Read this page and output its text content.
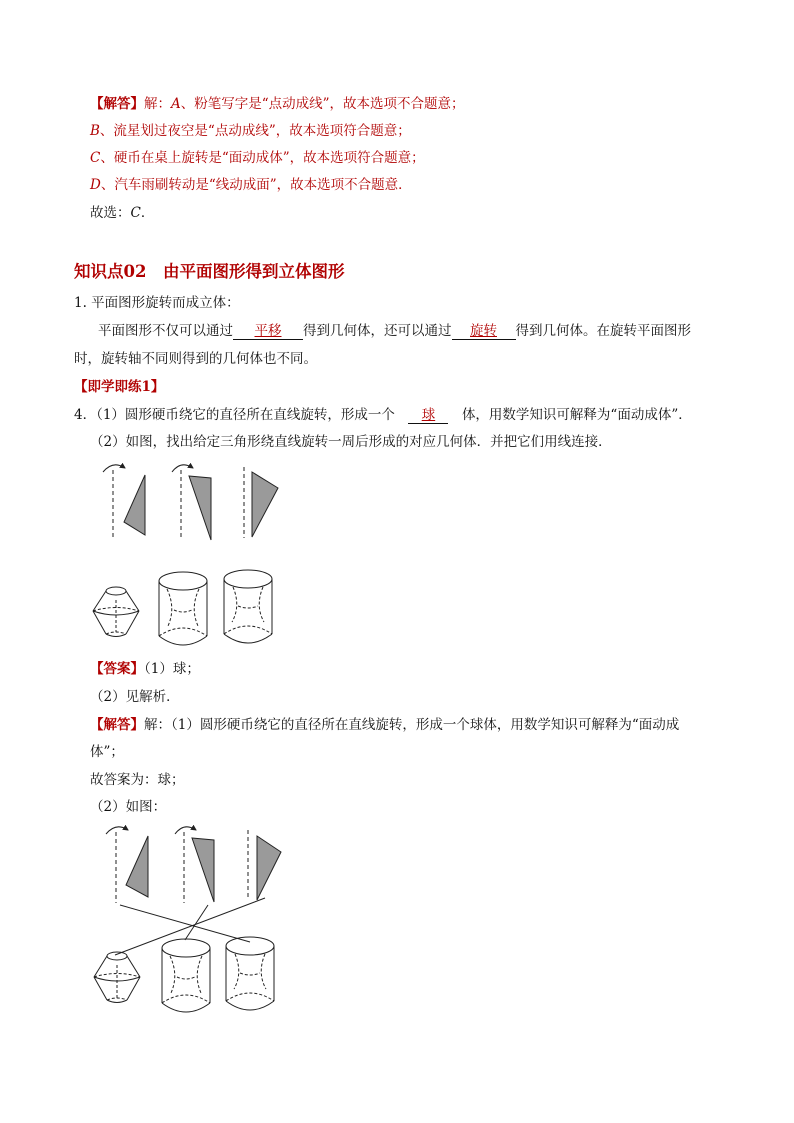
【解答】解：A、粉笔写字是“点动成线”，故本选项不合题意；
B、流星划过夜空是“点动成线”，故本选项符合题意；
C、硬币在桌上旋转是“面动成体”，故本选项符合题意；
D、汽车雨刷转动是“线动成面”，故本选项不合题意．
故选：C．
知识点02　由平面图形得到立体图形
1. 平面图形旋转而成立体：
平面图形不仅可以通过 平移 得到几何体，还可以通过 旋转 得到几何体。在旋转平面图形
时，旋转轴不同则得到的几何体也不同。
【即学即练1】
4．（1）圆形硬币绕它的直径所在直线旋转，形成一个　 球　 体，用数学知识可解释为“面动成体”．
（2）如图，找出给定三角形绕直线旋转一周后形成的对应几何体．并把它们用线连接．
【答案】（1）球；
（2）见解析．
【解答】解：（1）圆形硬币绕它的直径所在直线旋转，形成一个球体，用数学知识可解释为“面动成
体”；
故答案为：球；
（2）如图：
